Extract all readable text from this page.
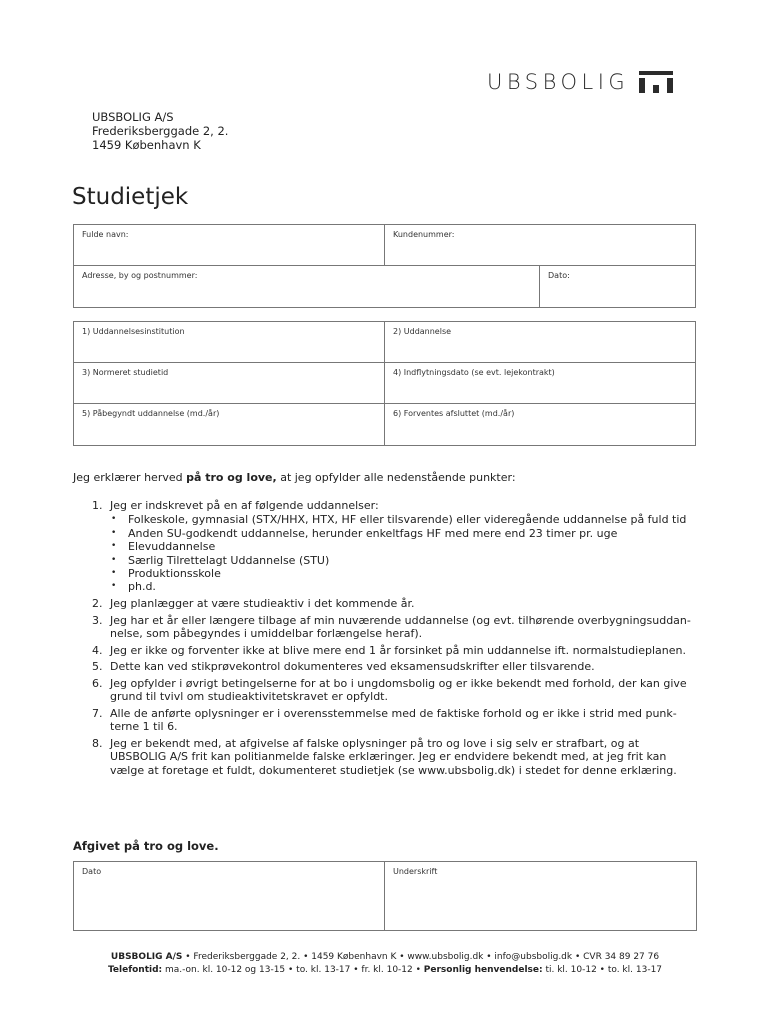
UBSBOLIG
UBSBOLIG A/S
Frederiksberggade 2, 2.
1459 København K
Studietjek
Fulde navn:	Kundenummer:
Adresse, by og postnummer:	Dato:
1) Uddannelsesinstitution	2) Uddannelse
3) Normeret studietid	4) Indflytningsdato (se evt. lejekontrakt)
5) Påbegyndt uddannelse (md./år)	6) Forventes afsluttet (md./år)

Jeg erklærer herved på tro og love, at jeg opfylder alle nedenstående punkter:

1. Jeg er indskrevet på en af følgende uddannelser:
• Folkeskole, gymnasial (STX/HHX, HTX, HF eller tilsvarende) eller videregående uddannelse på fuld tid
• Anden SU-godkendt uddannelse, herunder enkeltfags HF med mere end 23 timer pr. uge
• Elevuddannelse
• Særlig Tilrettelagt Uddannelse (STU)
• Produktionsskole
• ph.d.
2. Jeg planlægger at være studieaktiv i det kommende år.
3. Jeg har et år eller længere tilbage af min nuværende uddannelse (og evt. tilhørende overbygningsuddan-
nelse, som påbegyndes i umiddelbar forlængelse heraf).
4. Jeg er ikke og forventer ikke at blive mere end 1 år forsinket på min uddannelse ift. normalstudieplanen.
5. Dette kan ved stikprøvekontrol dokumenteres ved eksamensudskrifter eller tilsvarende.
6. Jeg opfylder i øvrigt betingelserne for at bo i ungdomsbolig og er ikke bekendt med forhold, der kan give
grund til tvivl om studieaktivitetskravet er opfyldt.
7. Alle de anførte oplysninger er i overensstemmelse med de faktiske forhold og er ikke i strid med punk-
terne 1 til 6.
8. Jeg er bekendt med, at afgivelse af falske oplysninger på tro og love i sig selv er strafbart, og at
UBSBOLIG A/S frit kan politianmelde falske erklæringer. Jeg er endvidere bekendt med, at jeg frit kan
vælge at foretage et fuldt, dokumenteret studietjek (se www.ubsbolig.dk) i stedet for denne erklæring.
Afgivet på tro og love.
Dato	Underskrift
UBSBOLIG A/S • Frederiksberggade 2, 2. • 1459 København K • www.ubsbolig.dk • info@ubsbolig.dk • CVR 34 89 27 76
Telefontid: ma.-on. kl. 10-12 og 13-15 • to. kl. 13-17 • fr. kl. 10-12 • Personlig henvendelse: ti. kl. 10-12 • to. kl. 13-17
